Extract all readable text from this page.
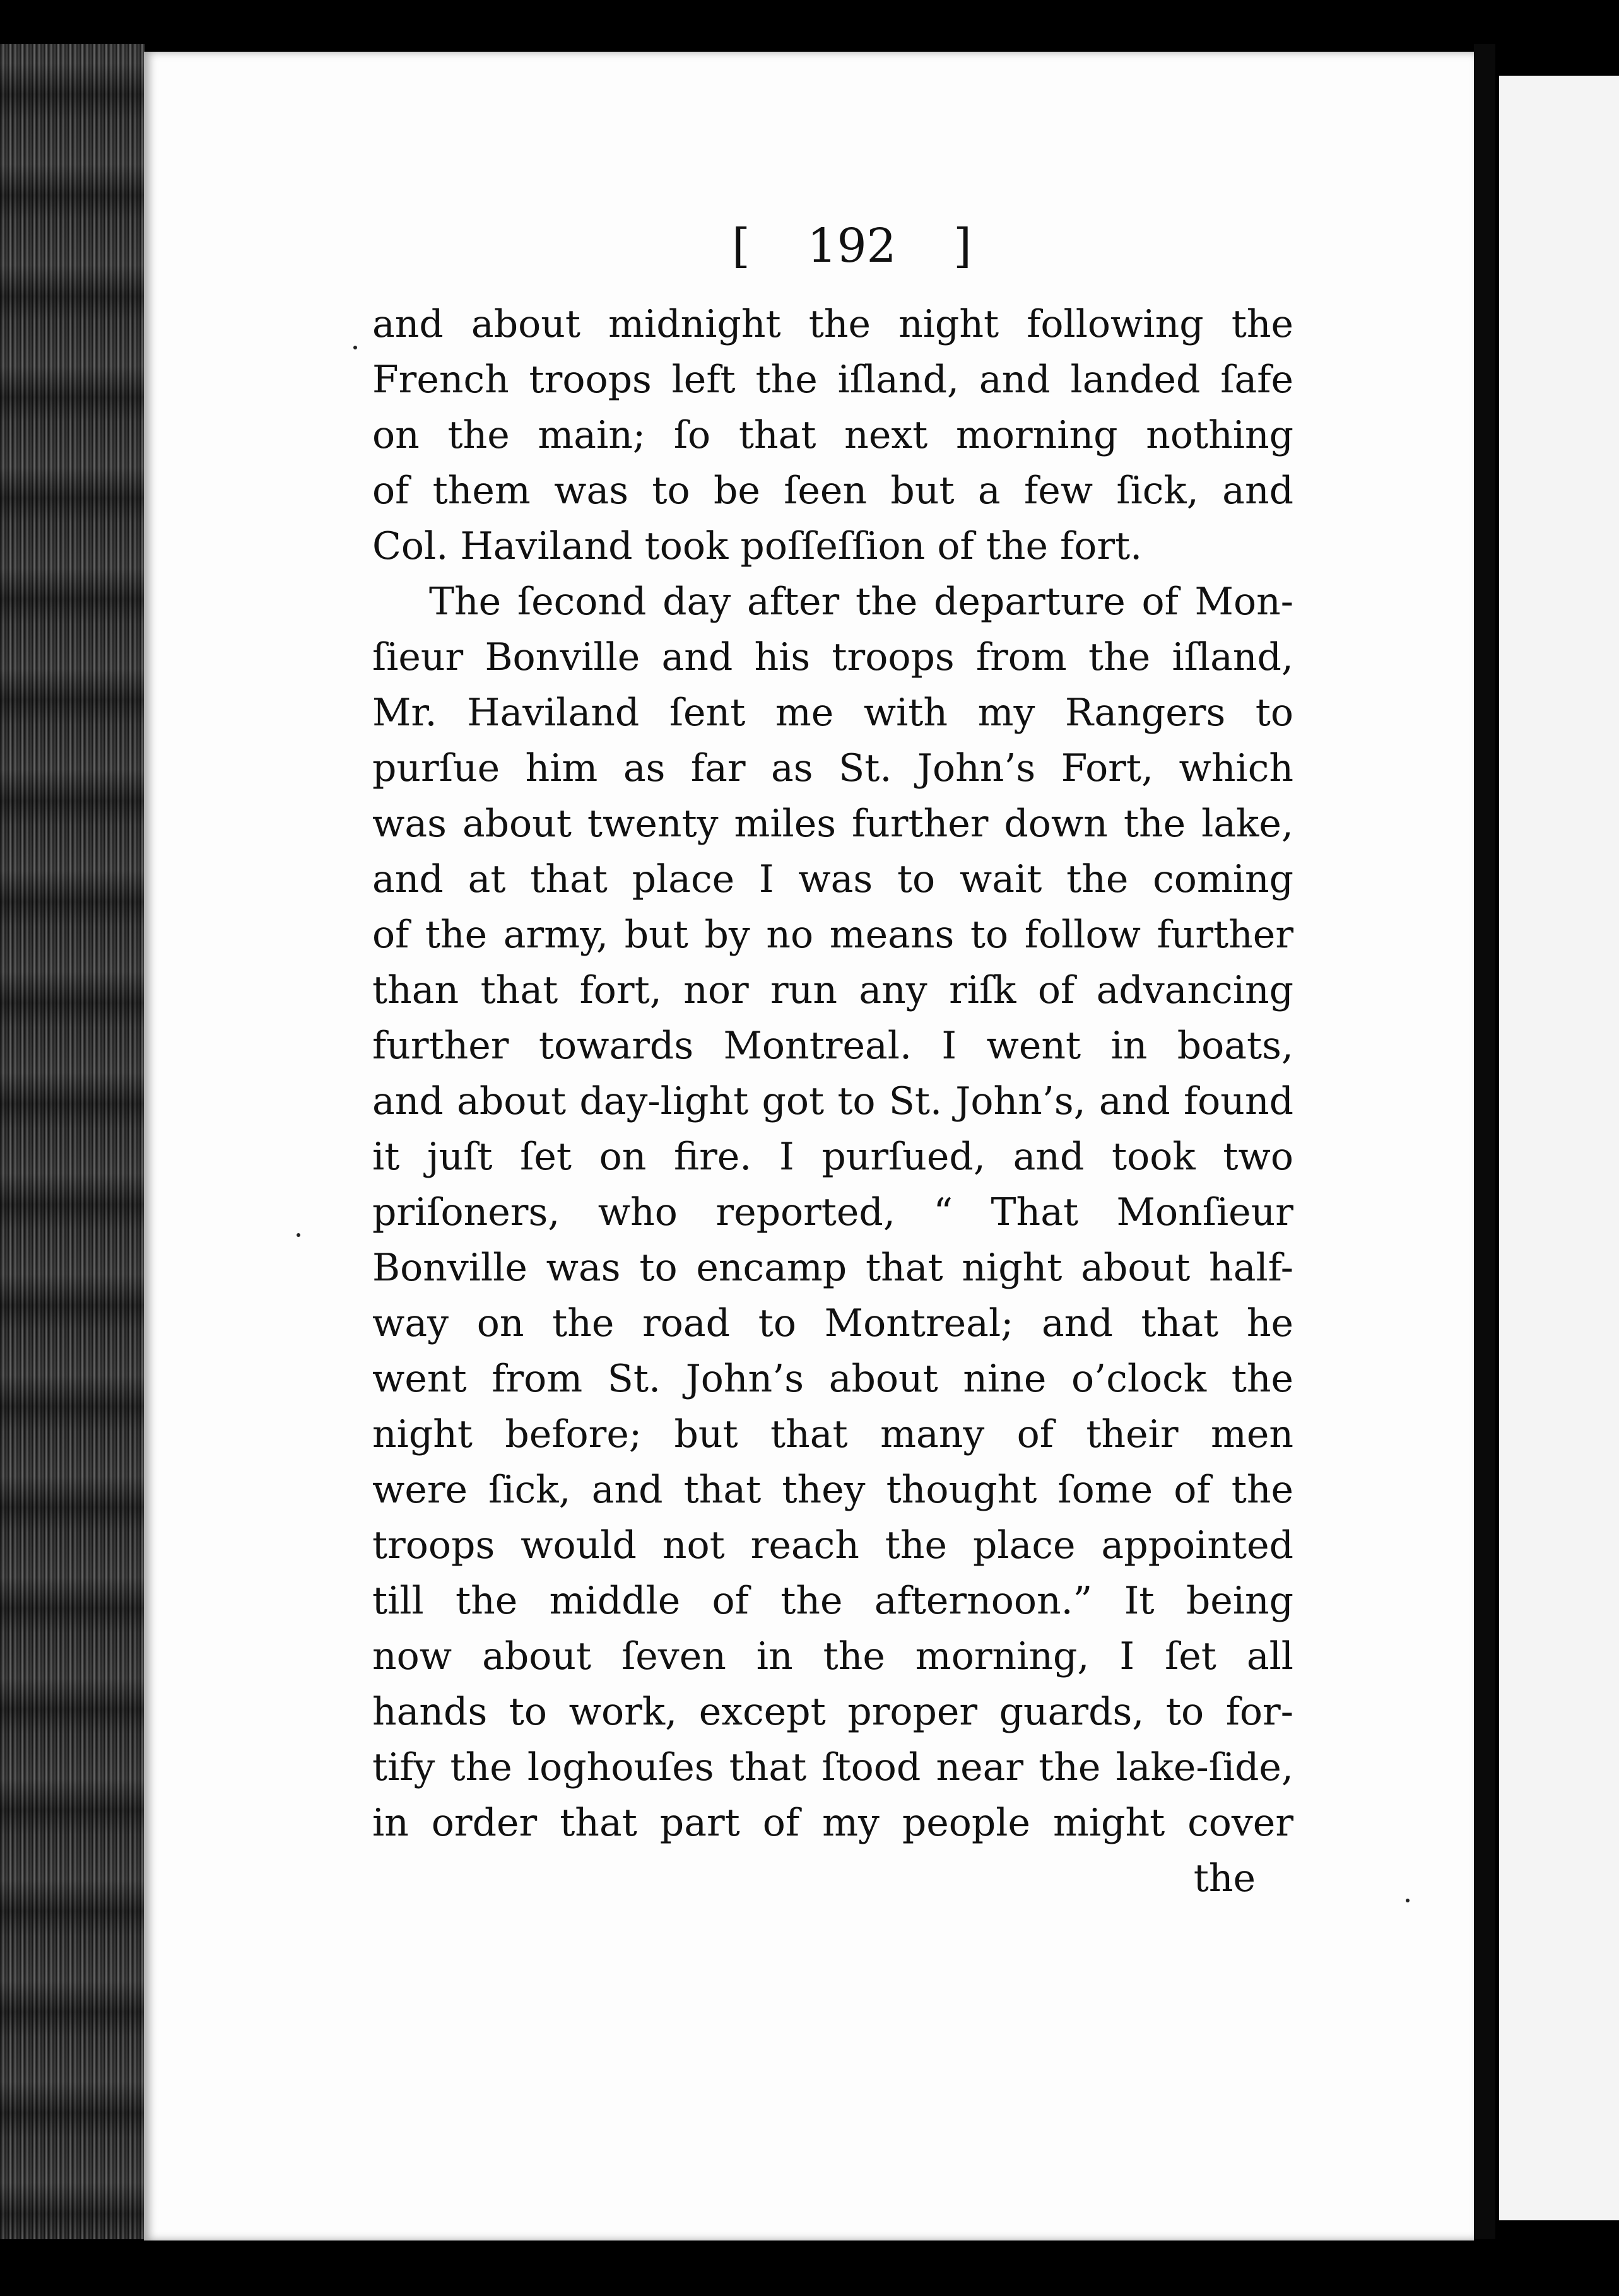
[ 192 ]
and about midnight the night following the
French troops left the iſland, and landed ſafe
on the main; ſo that next morning nothing
of them was to be ſeen but a few ſick, and
Col. Haviland took poſſeſſion of the fort.
The ſecond day after the departure of Mon-
ſieur Bonville and his troops from the iſland,
Mr. Haviland ſent me with my Rangers to
purſue him as far as St. John’s Fort, which
was about twenty miles further down the lake,
and at that place I was to wait the coming
of the army, but by no means to follow further
than that fort, nor run any riſk of advancing
further towards Montreal. I went in boats,
and about day-light got to St. John’s, and found
it juſt ſet on fire. I purſued, and took two
priſoners, who reported, “ That Monſieur
Bonville was to encamp that night about half-
way on the road to Montreal; and that he
went from St. John’s about nine o’clock the
night before; but that many of their men
were ſick, and that they thought ſome of the
troops would not reach the place appointed
till the middle of the afternoon.” It being
now about ſeven in the morning, I ſet all
hands to work, except proper guards, to for-
tify the loghouſes that ſtood near the lake-ſide,
in order that part of my people might cover
the
